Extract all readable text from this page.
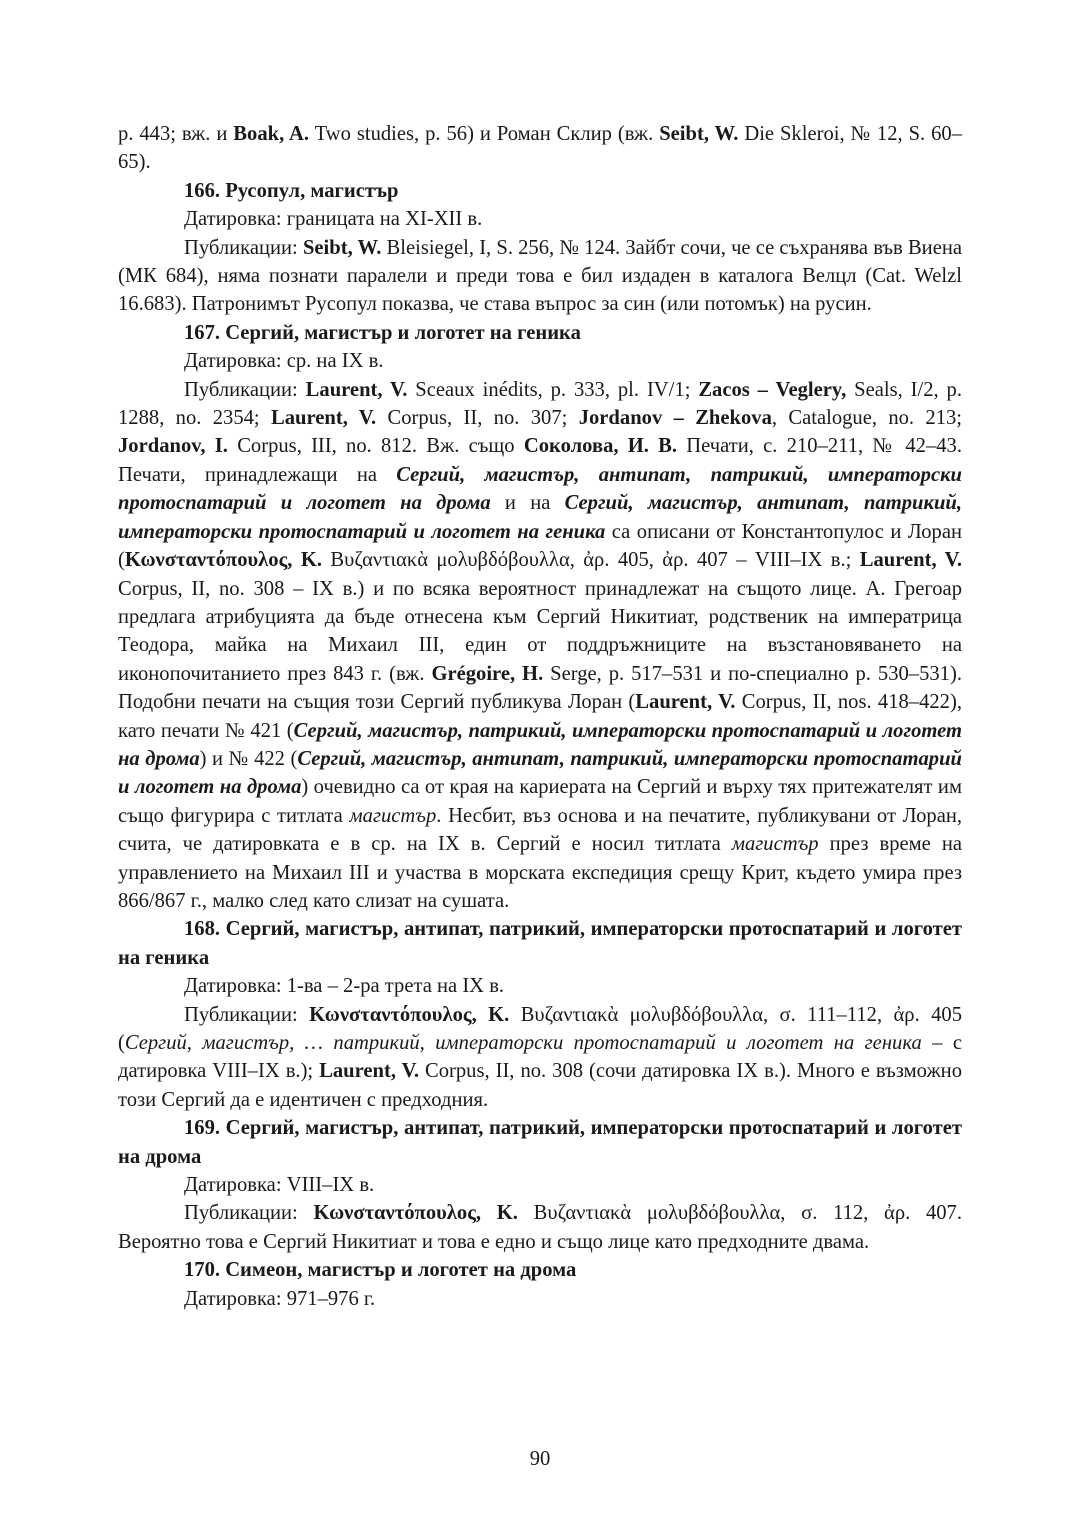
p. 443; вж. и Boak, A. Two studies, p. 56) и Роман Склир (вж. Seibt, W. Die Skleroi, № 12, S. 60–65).

166. Русопул, магистър

Датировка: границата на XI-XII в.

Публикации: Seibt, W. Bleisiegel, I, S. 256, № 124. Зайбт сочи, че се съхранява във Виена (МК 684), няма познати паралели и преди това е бил издаден в каталога Велцл (Cat. Welzl 16.683). Патронимът Русопул показва, че става въпрос за син (или потомък) на русин.

167. Сергий, магистър и логотет на геника

Датировка: ср. на IX в.

Публикации: Laurent, V. Sceaux inédits, p. 333, pl. IV/1; Zacos – Veglery, Seals, I/2, p. 1288, no. 2354; Laurent, V. Corpus, II, no. 307; Jordanov – Zhekova, Catalogue, no. 213; Jordanov, I. Corpus, III, no. 812. Вж. също Соколова, И. В. Печати, с. 210–211, № 42–43. Печати, принадлежащи на Сергий, магистър, антипат, патрикий, императорски протоспатарий и логотет на дрома и на Сергий, магистър, антипат, патрикий, императорски протоспатарий и логотет на геника са описани от Константопулос и Лоран (Κωνσταντόπουλος, Κ. Βυζαντιακὰ μολυβδόβουλλα, ἀρ. 405, ἀρ. 407 – VIII–IX в.; Laurent, V. Corpus, II, no. 308 – IX в.) и по всяка вероятност принадлежат на същото лице. А. Грегоар предлага атрибуцията да бъде отнесена към Сергий Никитиат, родственик на императрица Теодора, майка на Михаил III, един от поддръжниците на възстановяването на иконопочитанието през 843 г. (вж. Grégoire, H. Serge, p. 517–531 и по-специално p. 530–531). Подобни печати на същия този Сергий публикува Лоран (Laurent, V. Corpus, II, nos. 418–422), като печати № 421 (Сергий, магистър, патрикий, императорски протоспатарий и логотет на дрома) и № 422 (Сергий, магистър, антипат, патрикий, императорски протоспатарий и логотет на дрома) очевидно са от края на кариерата на Сергий и върху тях притежателят им също фигурира с титлата магистър. Несбит, въз основа и на печатите, публикувани от Лоран, счита, че датировката е в ср. на IX в. Сергий е носил титлата магистър през време на управлението на Михаил III и участва в морската експедиция срещу Крит, където умира през 866/867 г., малко след като слизат на сушата.

168. Сергий, магистър, антипат, патрикий, императорски протоспатарий и логотет на геника

Датировка: 1-ва – 2-ра трета на IX в.

Публикации: Κωνσταντόπουλος, Κ. Βυζαντιακὰ μολυβδόβουλλα, σ. 111–112, ἀρ. 405 (Сергий, магистър, … патрикий, императорски протоспатарий и логотет на геника – с датировка VIII–IX в.); Laurent, V. Corpus, II, no. 308 (сочи датировка IX в.). Много е възможно този Сергий да е идентичен с предходния.

169. Сергий, магистър, антипат, патрикий, императорски протоспатарий и логотет на дрома

Датировка: VIII–IX в.

Публикации: Κωνσταντόπουλος, Κ. Βυζαντιακὰ μολυβδόβουλλα, σ. 112, ἀρ. 407. Вероятно това е Сергий Никитиат и това е едно и също лице като предходните двама.

170. Симеон, магистър и логотет на дрома

Датировка: 971–976 г.

90
